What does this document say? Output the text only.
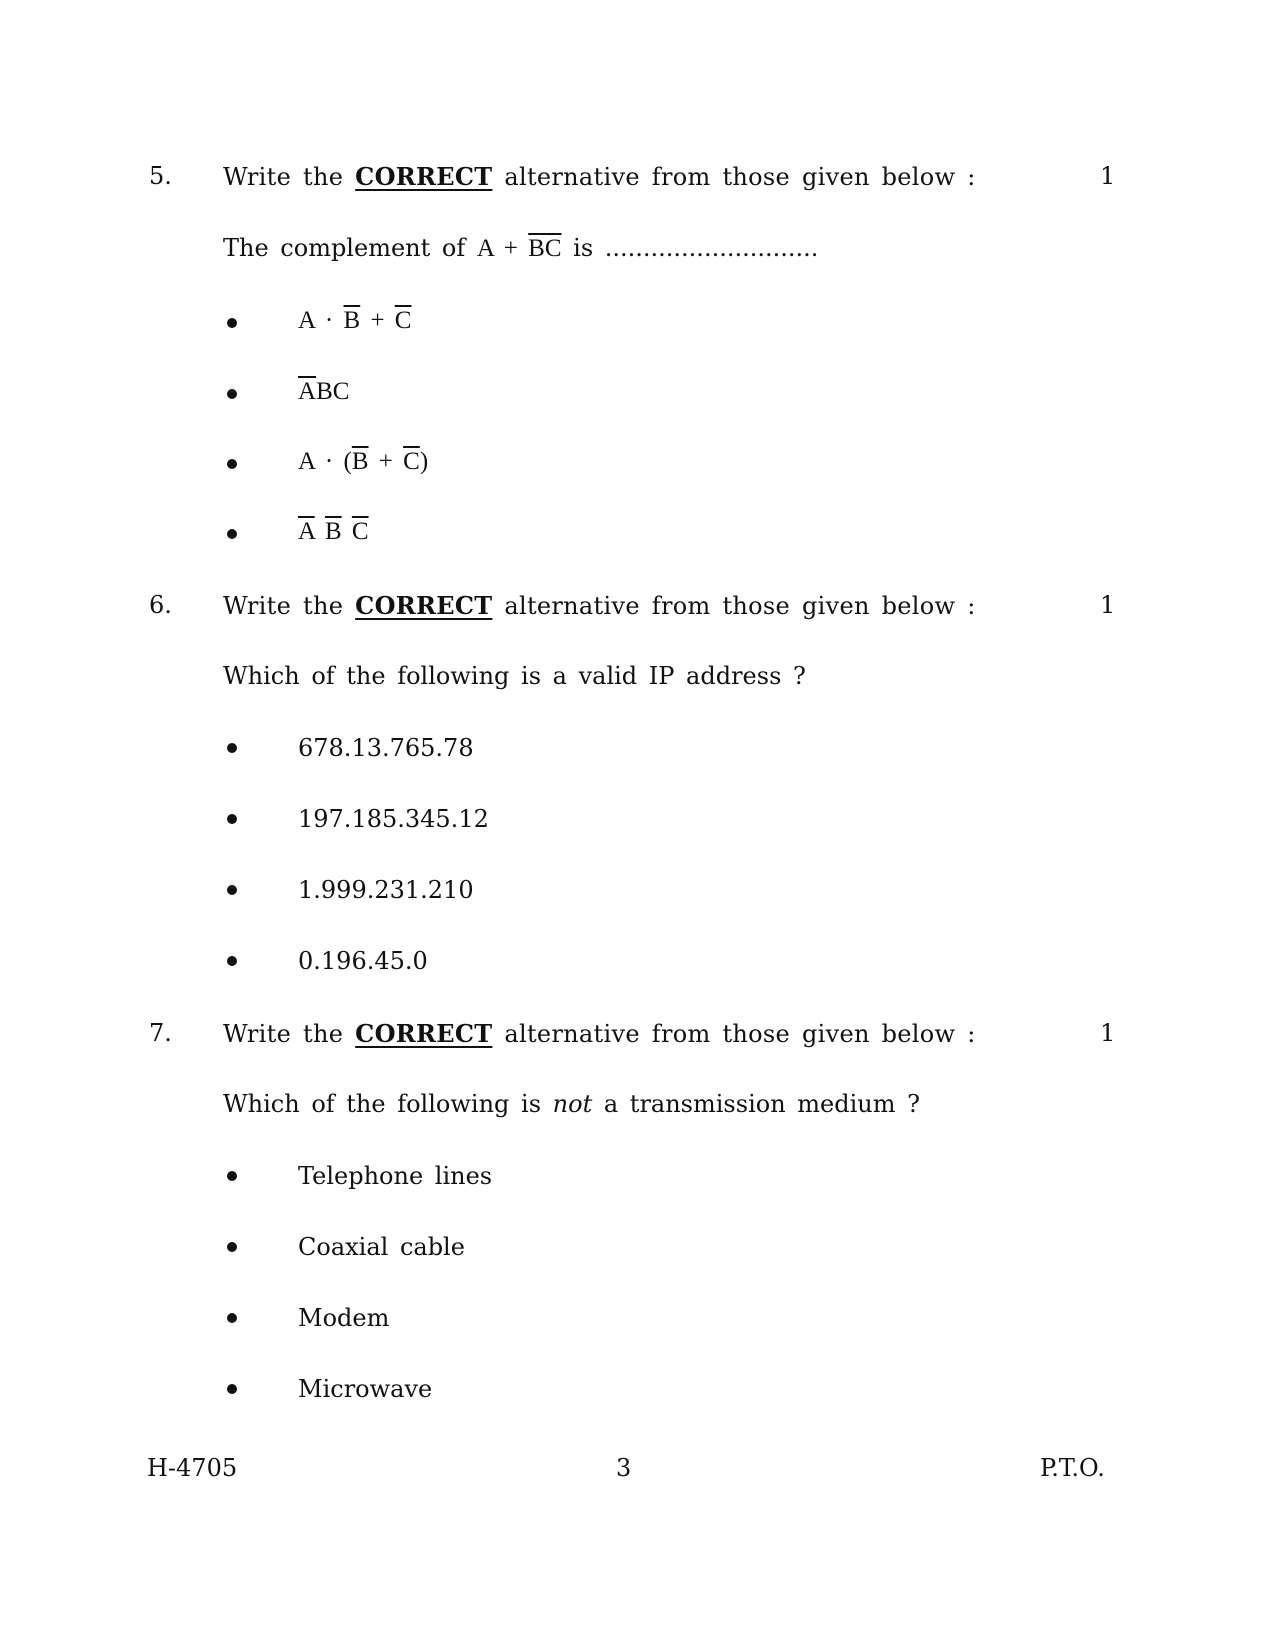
5. Write the CORRECT alternative from those given below :	1
The complement of $A + \overline{BC}$ is ............................
$A \cdot \overline{B} + \overline{C}$
$\overline{A}BC$
$A \cdot (\overline{B} + \overline{C})$
$\overline{A}$ $\overline{B}$ $\overline{C}$
6. Write the CORRECT alternative from those given below :	1
Which of the following is a valid IP address ?
678.13.765.78
197.185.345.12
1.999.231.210
0.196.45.0
7. Write the CORRECT alternative from those given below :	1
Which of the following is not a transmission medium ?
Telephone lines
Coaxial cable
Modem
Microwave
H-4705	3	P.T.O.
